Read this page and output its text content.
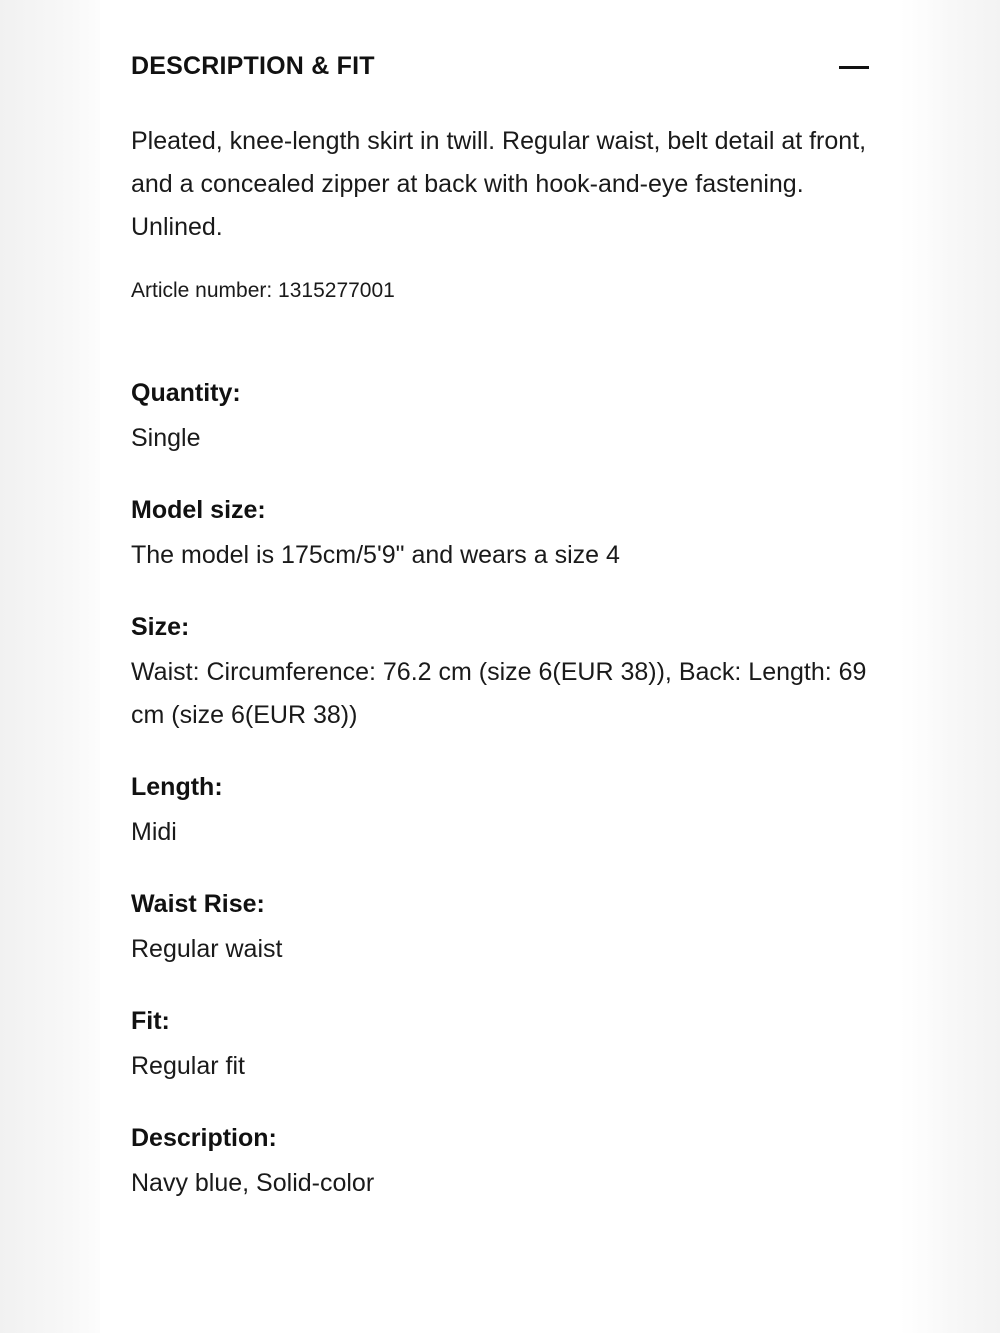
DESCRIPTION & FIT

Pleated, knee-length skirt in twill. Regular waist, belt detail at front, and a concealed zipper at back with hook-and-eye fastening. Unlined.

Article number: 1315277001
Quantity:
Single
Model size:
The model is 175cm/5'9" and wears a size 4
Size:
Waist: Circumference: 76.2 cm (size 6(EUR 38)), Back: Length: 69 cm (size 6(EUR 38))
Length:
Midi
Waist Rise:
Regular waist
Fit:
Regular fit
Description:
Navy blue, Solid-color
